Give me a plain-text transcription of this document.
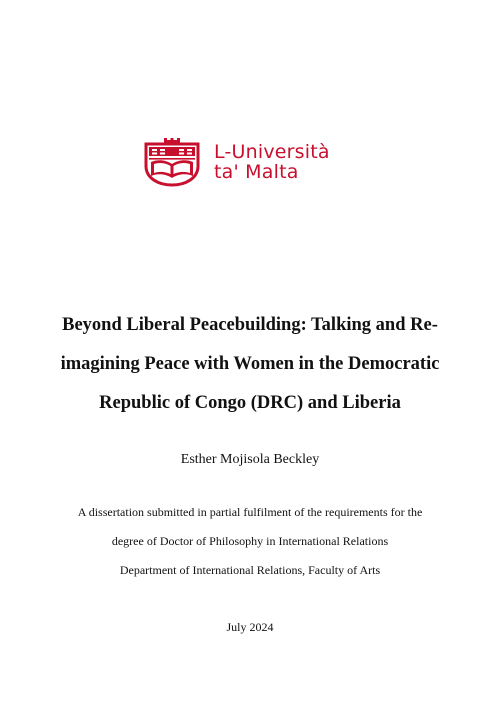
L-Università
ta' Malta
Beyond Liberal Peacebuilding: Talking and Re-
imagining Peace with Women in the Democratic
Republic of Congo (DRC) and Liberia

Esther Mojisola Beckley

A dissertation submitted in partial fulfilment of the requirements for the
degree of Doctor of Philosophy in International Relations
Department of International Relations, Faculty of Arts

July 2024
